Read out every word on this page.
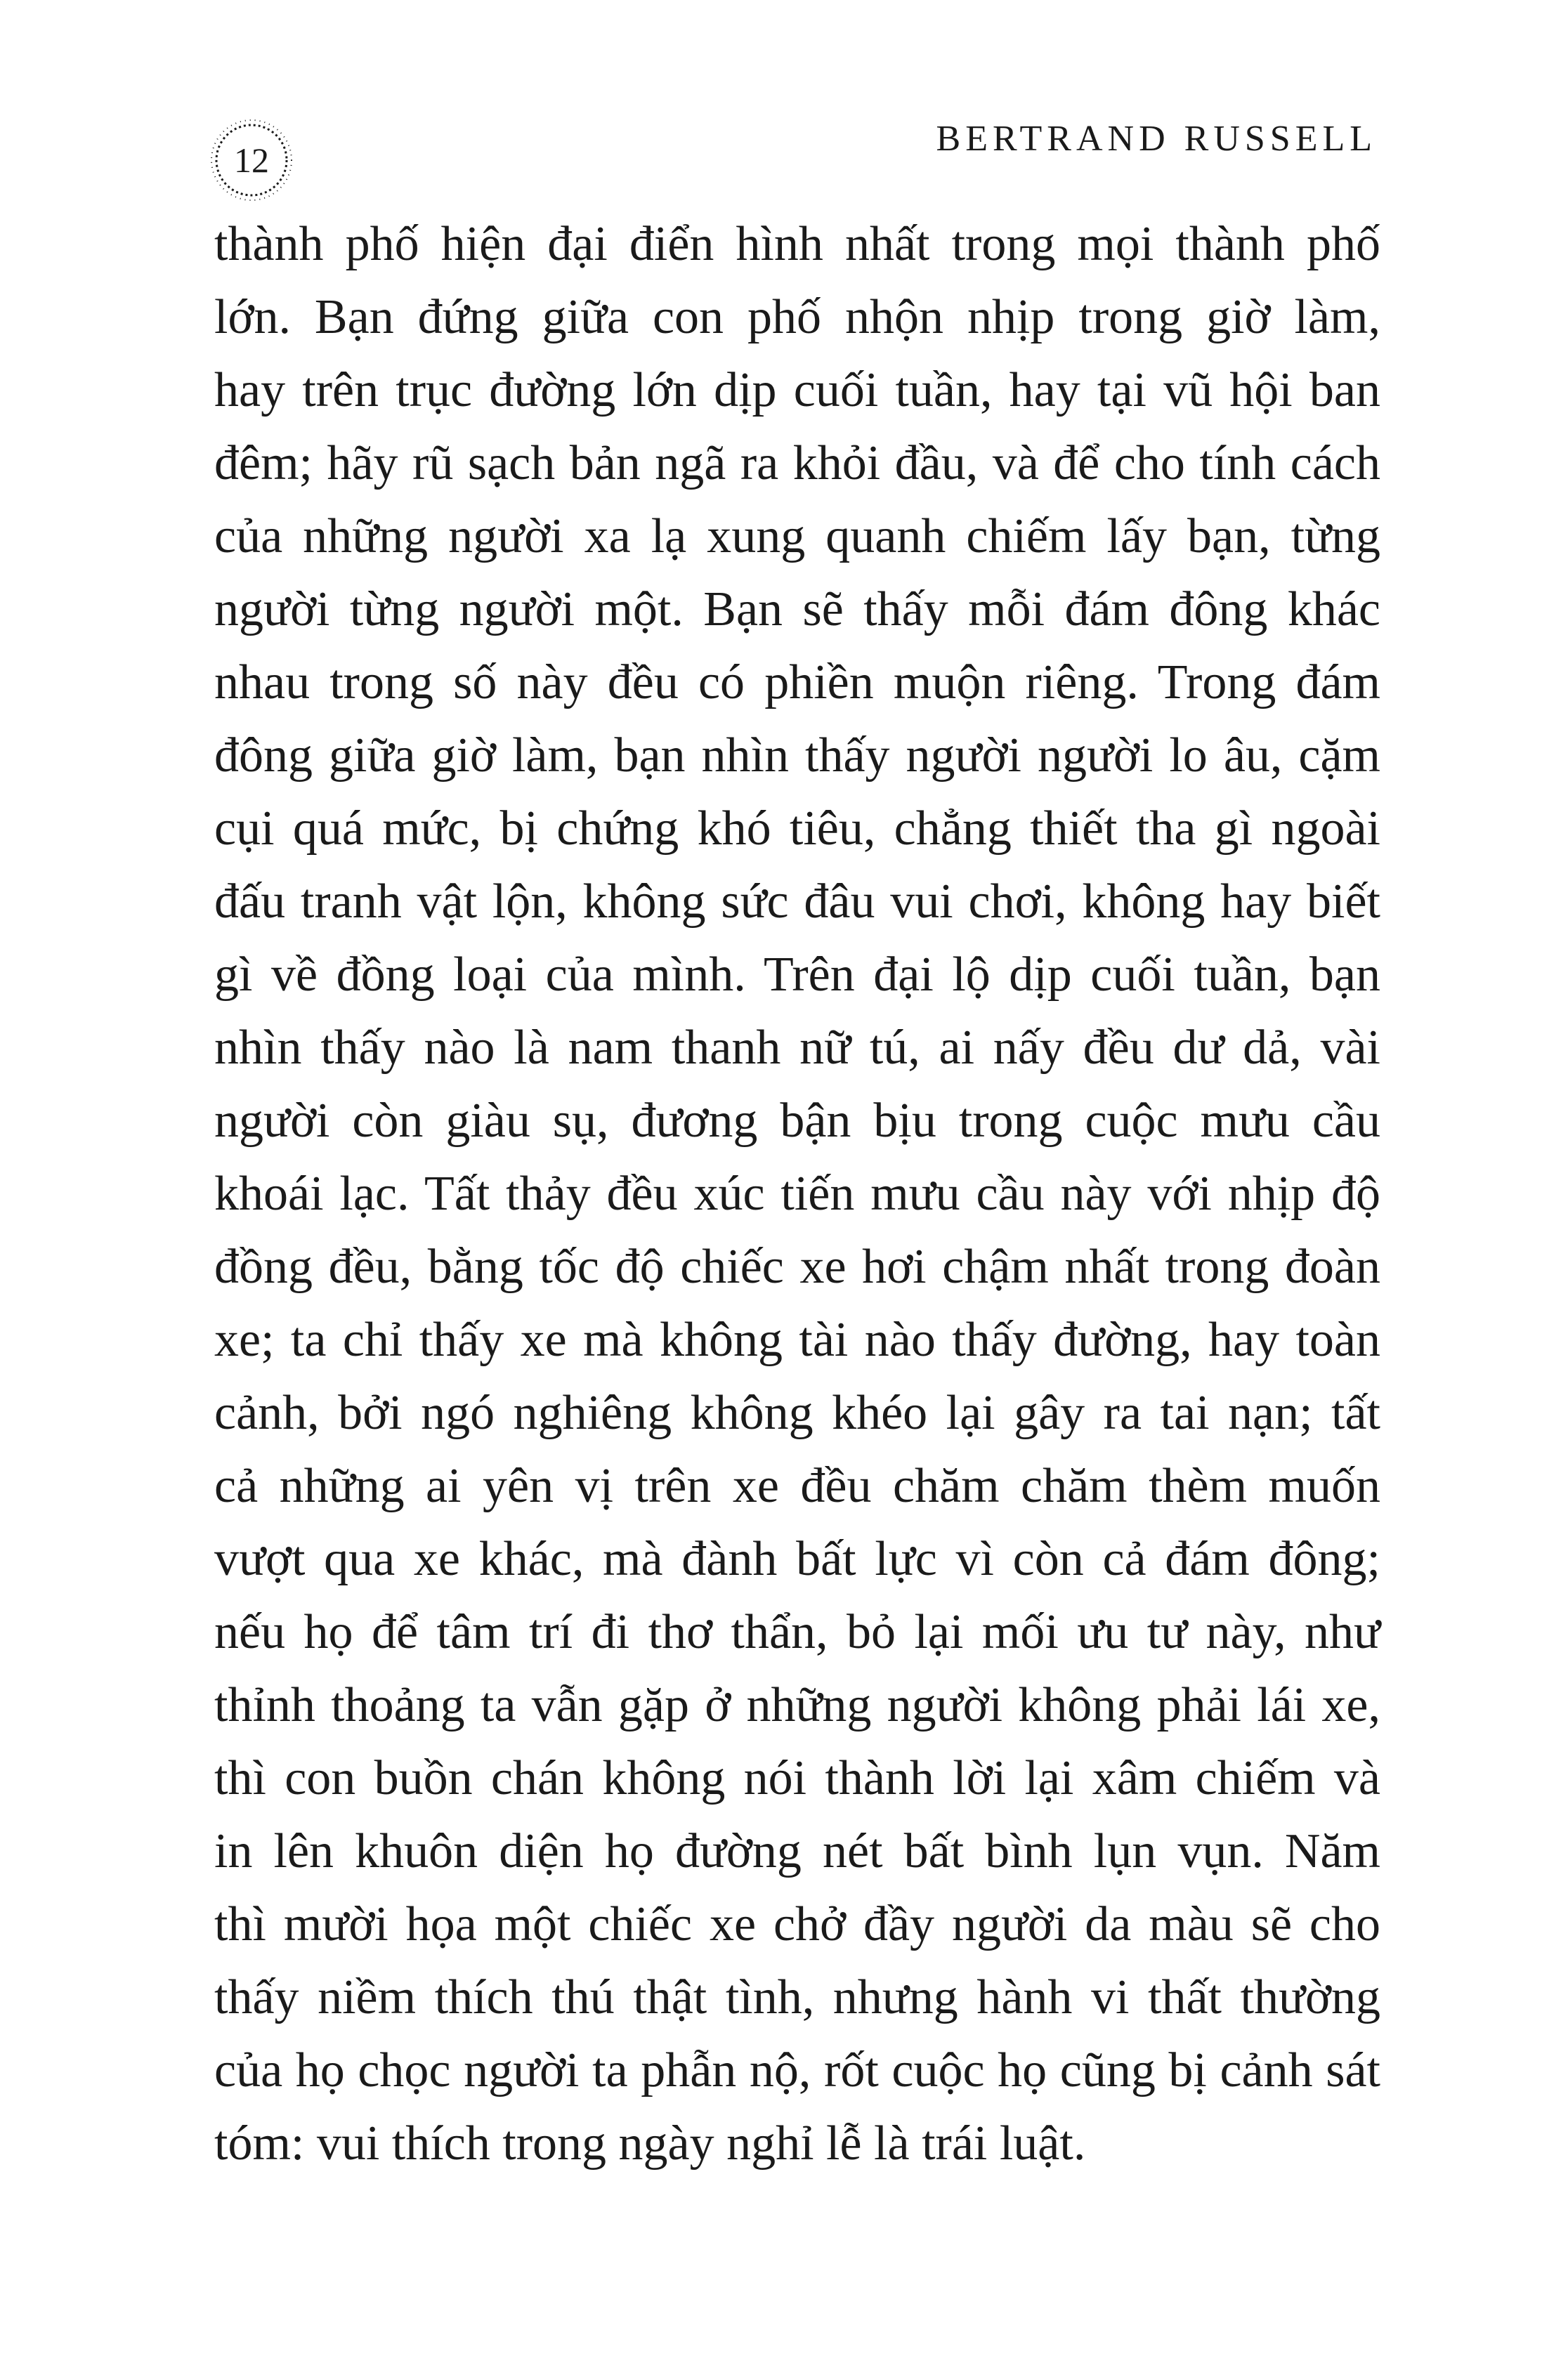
12
BERTRAND RUSSELL
thành phố hiện đại điển hình nhất trong mọi thành phố
lớn. Bạn đứng giữa con phố nhộn nhịp trong giờ làm,
hay trên trục đường lớn dịp cuối tuần, hay tại vũ hội ban
đêm; hãy rũ sạch bản ngã ra khỏi đầu, và để cho tính cách
của những người xa lạ xung quanh chiếm lấy bạn, từng
người từng người một. Bạn sẽ thấy mỗi đám đông khác
nhau trong số này đều có phiền muộn riêng. Trong đám
đông giữa giờ làm, bạn nhìn thấy người người lo âu, cặm
cụi quá mức, bị chứng khó tiêu, chẳng thiết tha gì ngoài
đấu tranh vật lộn, không sức đâu vui chơi, không hay biết
gì về đồng loại của mình. Trên đại lộ dịp cuối tuần, bạn
nhìn thấy nào là nam thanh nữ tú, ai nấy đều dư dả, vài
người còn giàu sụ, đương bận bịu trong cuộc mưu cầu
khoái lạc. Tất thảy đều xúc tiến mưu cầu này với nhịp độ
đồng đều, bằng tốc độ chiếc xe hơi chậm nhất trong đoàn
xe; ta chỉ thấy xe mà không tài nào thấy đường, hay toàn
cảnh, bởi ngó nghiêng không khéo lại gây ra tai nạn; tất
cả những ai yên vị trên xe đều chăm chăm thèm muốn
vượt qua xe khác, mà đành bất lực vì còn cả đám đông;
nếu họ để tâm trí đi thơ thẩn, bỏ lại mối ưu tư này, như
thỉnh thoảng ta vẫn gặp ở những người không phải lái xe,
thì con buồn chán không nói thành lời lại xâm chiếm và
in lên khuôn diện họ đường nét bất bình lụn vụn. Năm
thì mười họa một chiếc xe chở đầy người da màu sẽ cho
thấy niềm thích thú thật tình, nhưng hành vi thất thường
của họ chọc người ta phẫn nộ, rốt cuộc họ cũng bị cảnh sát
tóm: vui thích trong ngày nghỉ lễ là trái luật.
